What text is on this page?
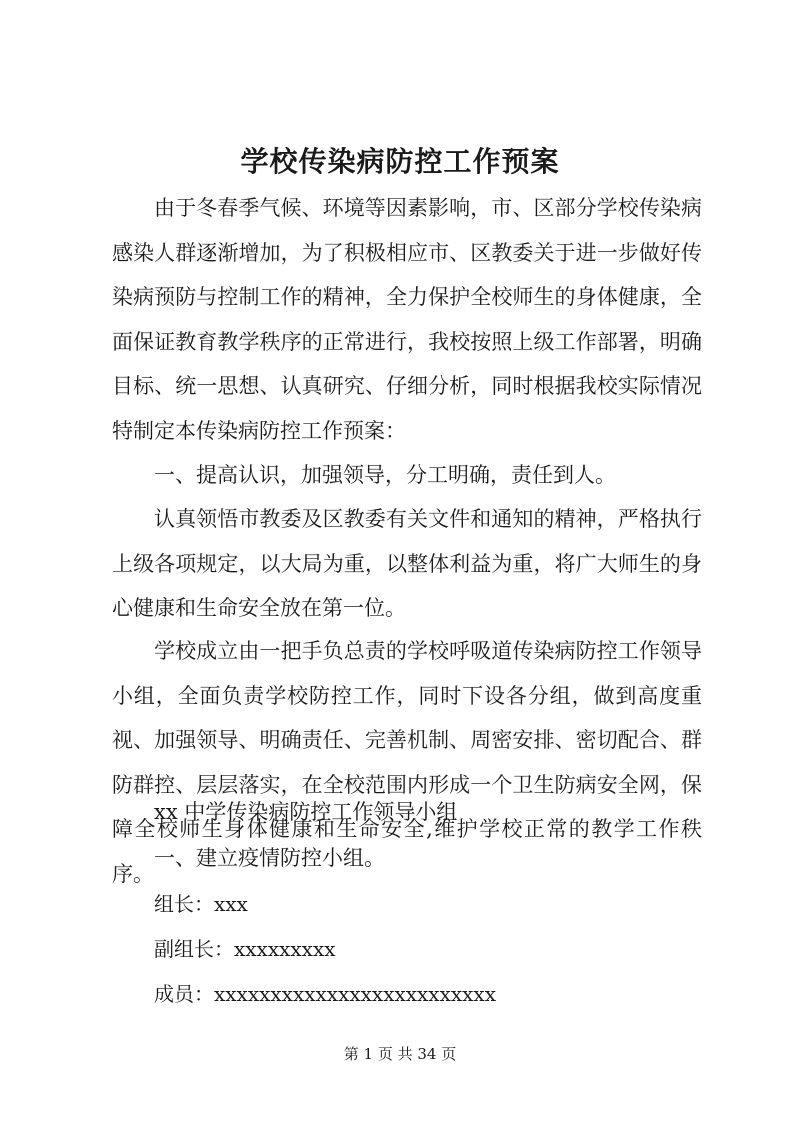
学校传染病防控工作预案

由于冬春季气候、环境等因素影响，市、区部分学校传染病感染人群逐渐增加，为了积极相应市、区教委关于进一步做好传染病预防与控制工作的精神，全力保护全校师生的身体健康，全面保证教育教学秩序的正常进行，我校按照上级工作部署，明确目标、统一思想、认真研究、仔细分析，同时根据我校实际情况特制定本传染病防控工作预案：

一、提高认识，加强领导，分工明确，责任到人。

认真领悟市教委及区教委有关文件和通知的精神，严格执行上级各项规定，以大局为重，以整体利益为重，将广大师生的身心健康和生命安全放在第一位。

学校成立由一把手负总责的学校呼吸道传染病防控工作领导小组，全面负责学校防控工作，同时下设各分组，做到高度重视、加强领导、明确责任、完善机制、周密安排、密切配合、群防群控、层层落实，在全校范围内形成一个卫生防病安全网，保障全校师生身体健康和生命安全,维护学校正常的教学工作秩序。

xx 中学传染病防控工作领导小组

一、建立疫情防控小组。

组长：xxx

副组长：xxxxxxxxx

成员：xxxxxxxxxxxxxxxxxxxxxxxxx

第 1 页 共 34 页
